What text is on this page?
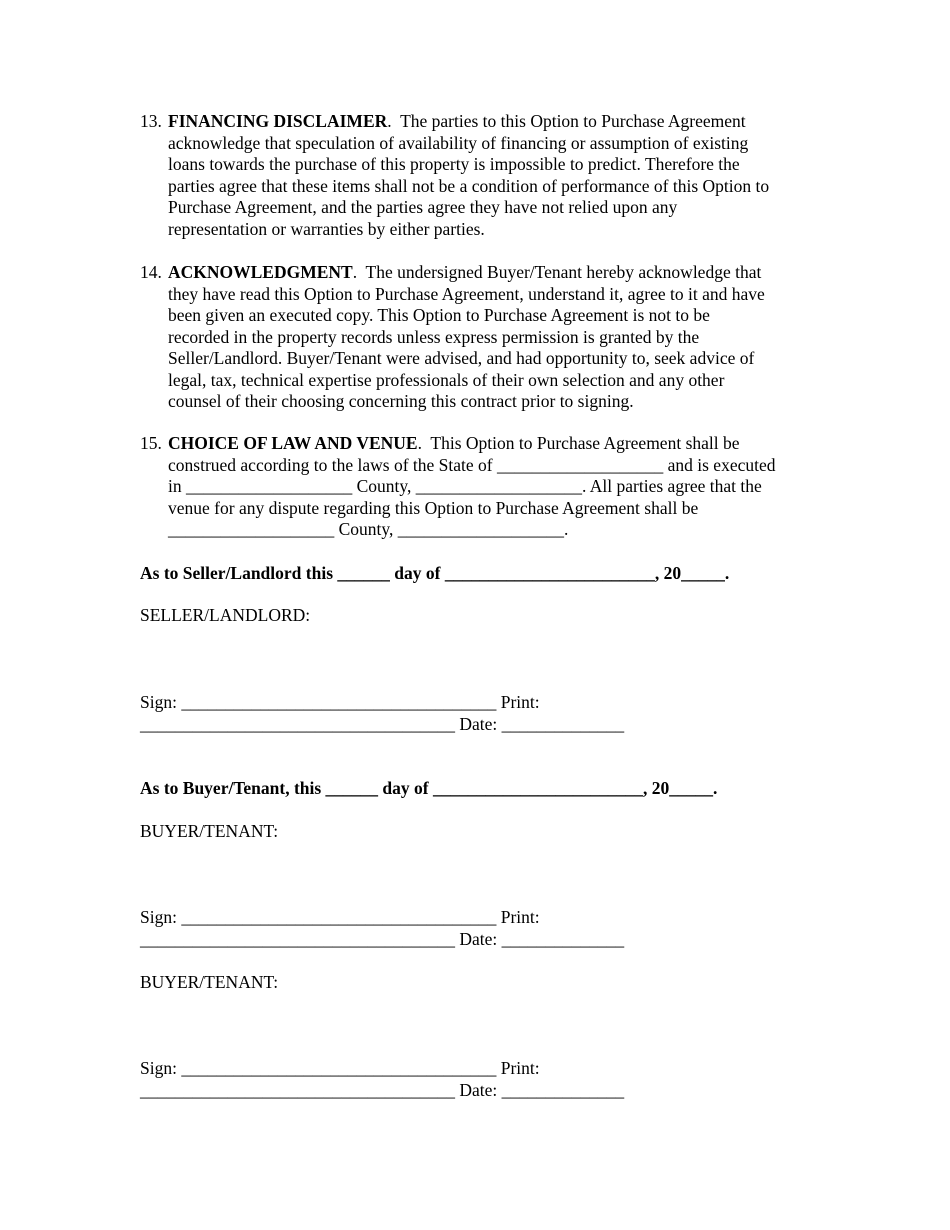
13. FINANCING DISCLAIMER.  The parties to this Option to Purchase Agreement
acknowledge that speculation of availability of financing or assumption of existing
loans towards the purchase of this property is impossible to predict. Therefore the
parties agree that these items shall not be a condition of performance of this Option to
Purchase Agreement, and the parties agree they have not relied upon any
representation or warranties by either parties.
14. ACKNOWLEDGMENT.  The undersigned Buyer/Tenant hereby acknowledge that
they have read this Option to Purchase Agreement, understand it, agree to it and have
been given an executed copy. This Option to Purchase Agreement is not to be
recorded in the property records unless express permission is granted by the
Seller/Landlord. Buyer/Tenant were advised, and had opportunity to, seek advice of
legal, tax, technical expertise professionals of their own selection and any other
counsel of their choosing concerning this contract prior to signing.
15. CHOICE OF LAW AND VENUE.  This Option to Purchase Agreement shall be
construed according to the laws of the State of ___________________ and is executed
in ___________________ County, ___________________. All parties agree that the
venue for any dispute regarding this Option to Purchase Agreement shall be
___________________ County, ___________________.
As to Seller/Landlord this ______ day of ________________________, 20_____.
SELLER/LANDLORD:
Sign: ____________________________________ Print:
____________________________________ Date: ______________
As to Buyer/Tenant, this ______ day of ________________________, 20_____.
BUYER/TENANT:
Sign: ____________________________________ Print:
____________________________________ Date: ______________
BUYER/TENANT:
Sign: ____________________________________ Print:
____________________________________ Date: ______________
